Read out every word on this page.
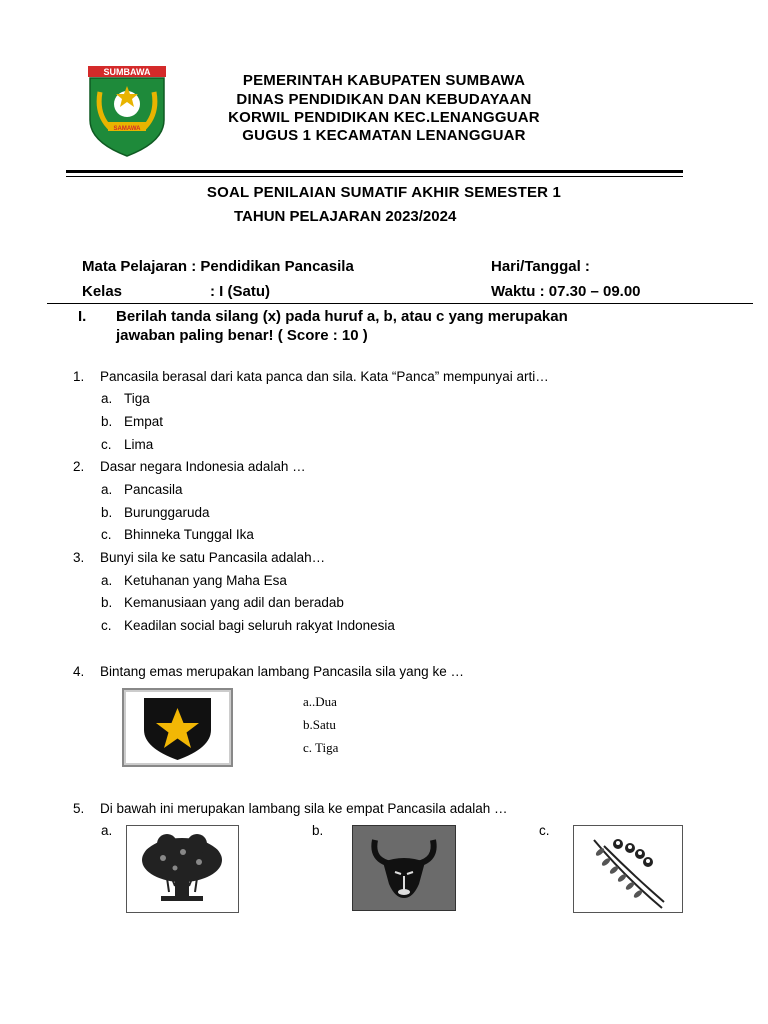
SUMBAWA
SAMAWA
PEMERINTAH KABUPATEN SUMBAWA
DINAS PENDIDIKAN DAN KEBUDAYAAN
KORWIL PENDIDIKAN KEC.LENANGGUAR
GUGUS 1 KECAMATAN LENANGGUAR
SOAL PENILAIAN SUMATIF AKHIR SEMESTER 1
TAHUN PELAJARAN 2023/2024
Mata Pelajaran : Pendidikan Pancasila	Hari/Tanggal :
Kelas	: I (Satu)	Waktu : 07.30 – 09.00
I. Berilah tanda silang (x) pada huruf a, b, atau c yang merupakan
jawaban paling benar! ( Score : 10 )
1. Pancasila berasal dari kata panca dan sila. Kata “Panca” mempunyai arti…
a. Tiga
b. Empat
c. Lima
2. Dasar negara Indonesia adalah …
a. Pancasila
b. Burunggaruda
c. Bhinneka Tunggal Ika
3. Bunyi sila ke satu Pancasila adalah…
a. Ketuhanan yang Maha Esa
b. Kemanusiaan yang adil dan beradab
c. Keadilan social bagi seluruh rakyat Indonesia
4. Bintang emas merupakan lambang Pancasila sila yang ke …
a..Dua
b.Satu
c. Tiga
5. Di bawah ini merupakan lambang sila ke empat Pancasila adalah …
a.	b.	c.
